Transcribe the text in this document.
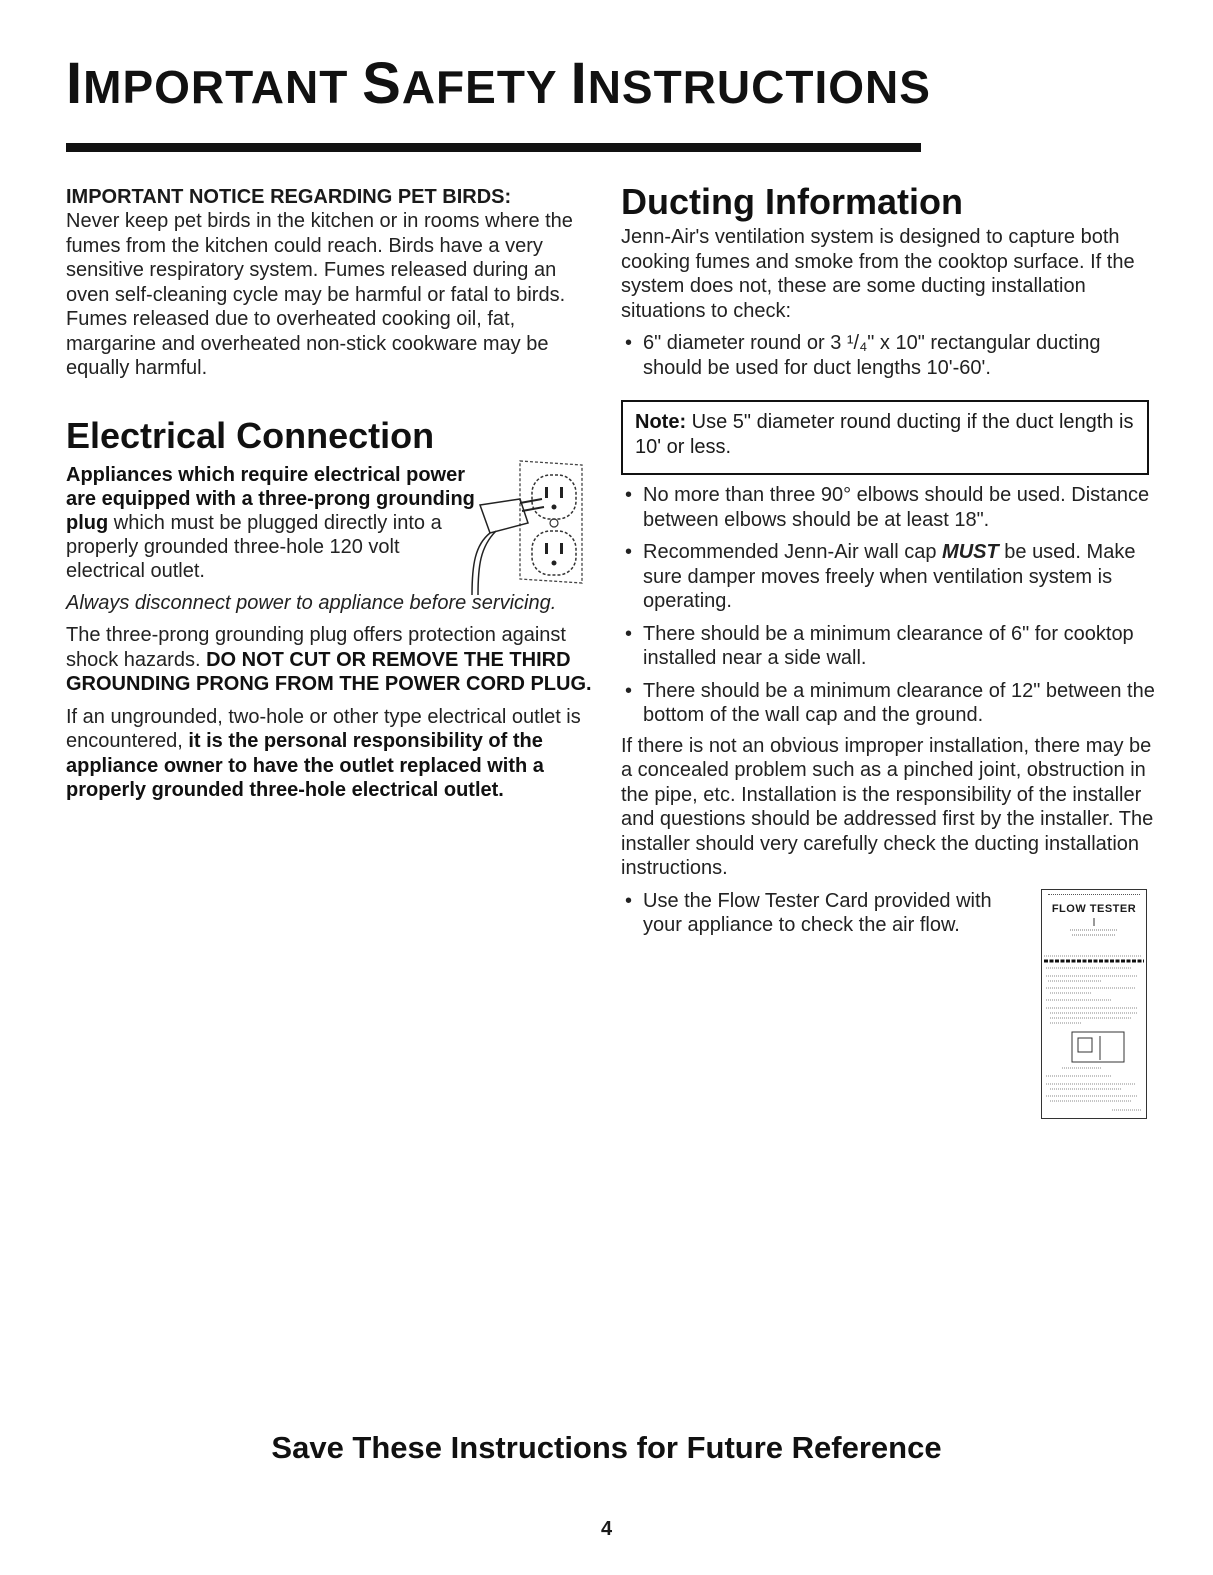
IMPORTANT SAFETY INSTRUCTIONS

IMPORTANT NOTICE REGARDING PET BIRDS:

Never keep pet birds in the kitchen or in rooms where the fumes from the kitchen could reach. Birds have a very sensitive respiratory system. Fumes released during an oven self-cleaning cycle may be harmful or fatal to birds. Fumes released due to overheated cooking oil, fat, margarine and overheated non-stick cookware may be equally harmful.

Electrical Connection

Appliances which require electrical power are equipped with a three-prong grounding plug which must be plugged directly into a properly grounded three-hole 120 volt electrical outlet.

Always disconnect power to appliance before servicing.

The three-prong grounding plug offers protection against shock hazards. DO NOT CUT OR REMOVE THE THIRD GROUNDING PRONG FROM THE POWER CORD PLUG.

If an ungrounded, two-hole or other type electrical outlet is encountered, it is the personal responsibility of the appliance owner to have the outlet replaced with a properly grounded three-hole electrical outlet.

Ducting Information

Jenn-Air's ventilation system is designed to capture both cooking fumes and smoke from the cooktop surface. If the system does not, these are some ducting installation situations to check:

• 6" diameter round or 3 ¹/₄" x 10" rectangular ducting should be used for duct lengths 10'-60'.
Note: Use 5" diameter round ducting if the duct length is 10' or less.
• No more than three 90° elbows should be used. Distance between elbows should be at least 18".
• Recommended Jenn-Air wall cap MUST be used. Make sure damper moves freely when ventilation system is operating.
• There should be a minimum clearance of 6" for cooktop installed near a side wall.
• There should be a minimum clearance of 12" between the bottom of the wall cap and the ground.

If there is not an obvious improper installation, there may be a concealed problem such as a pinched joint, obstruction in the pipe, etc. Installation is the responsibility of the installer and questions should be addressed first by the installer. The installer should very carefully check the ducting installation instructions.

• Use the Flow Tester Card provided with your appliance to check the air flow.
FLOW TESTER
Save These Instructions for Future Reference
4
